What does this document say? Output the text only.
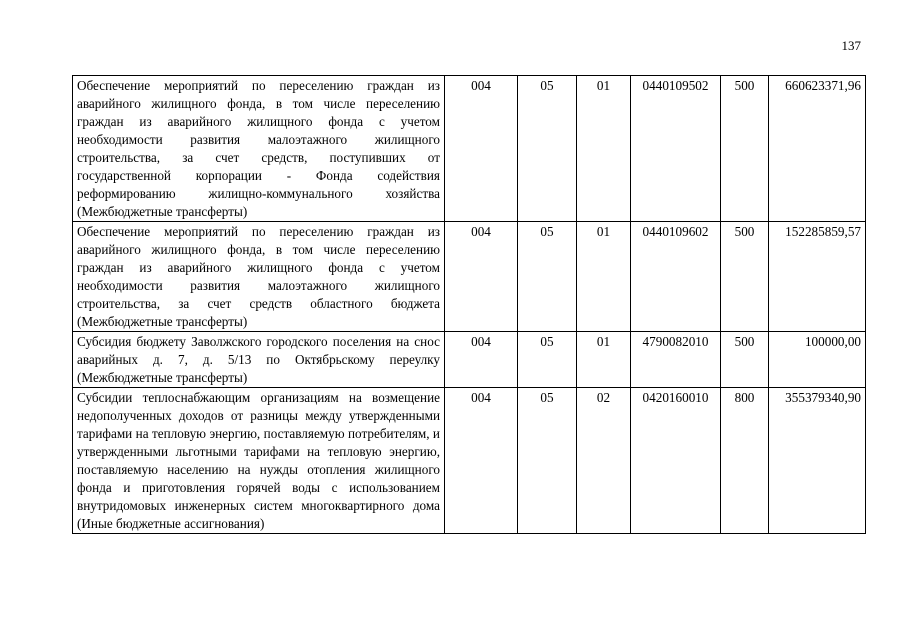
137
Обеспечение мероприятий по переселению граждан из аварийного жилищного фонда, в том числе переселению граждан из аварийного жилищного фонда с учетом необходимости развития малоэтажного жилищного строительства, за счет средств, поступивших от государственной корпорации - Фонда содействия реформированию жилищно-коммунального хозяйства (Межбюджетные трансферты)	004	05	01	0440109502	500	660623371,96
Обеспечение мероприятий по переселению граждан из аварийного жилищного фонда, в том числе переселению граждан из аварийного жилищного фонда с учетом необходимости развития малоэтажного жилищного строительства, за счет средств областного бюджета (Межбюджетные трансферты)	004	05	01	0440109602	500	152285859,57
Субсидия бюджету Заволжского городского поселения на снос аварийных д. 7, д. 5/13 по Октябрьскому переулку (Межбюджетные трансферты)	004	05	01	4790082010	500	100000,00
Субсидии теплоснабжающим организациям на возмещение недополученных доходов от разницы между утвержденными тарифами на тепловую энергию, поставляемую потребителям, и утвержденными льготными тарифами на тепловую энергию, поставляемую населению на нужды отопления жилищного фонда и приготовления горячей воды с использованием внутридомовых инженерных систем многоквартирного дома (Иные бюджетные ассигнования)	004	05	02	0420160010	800	355379340,90
